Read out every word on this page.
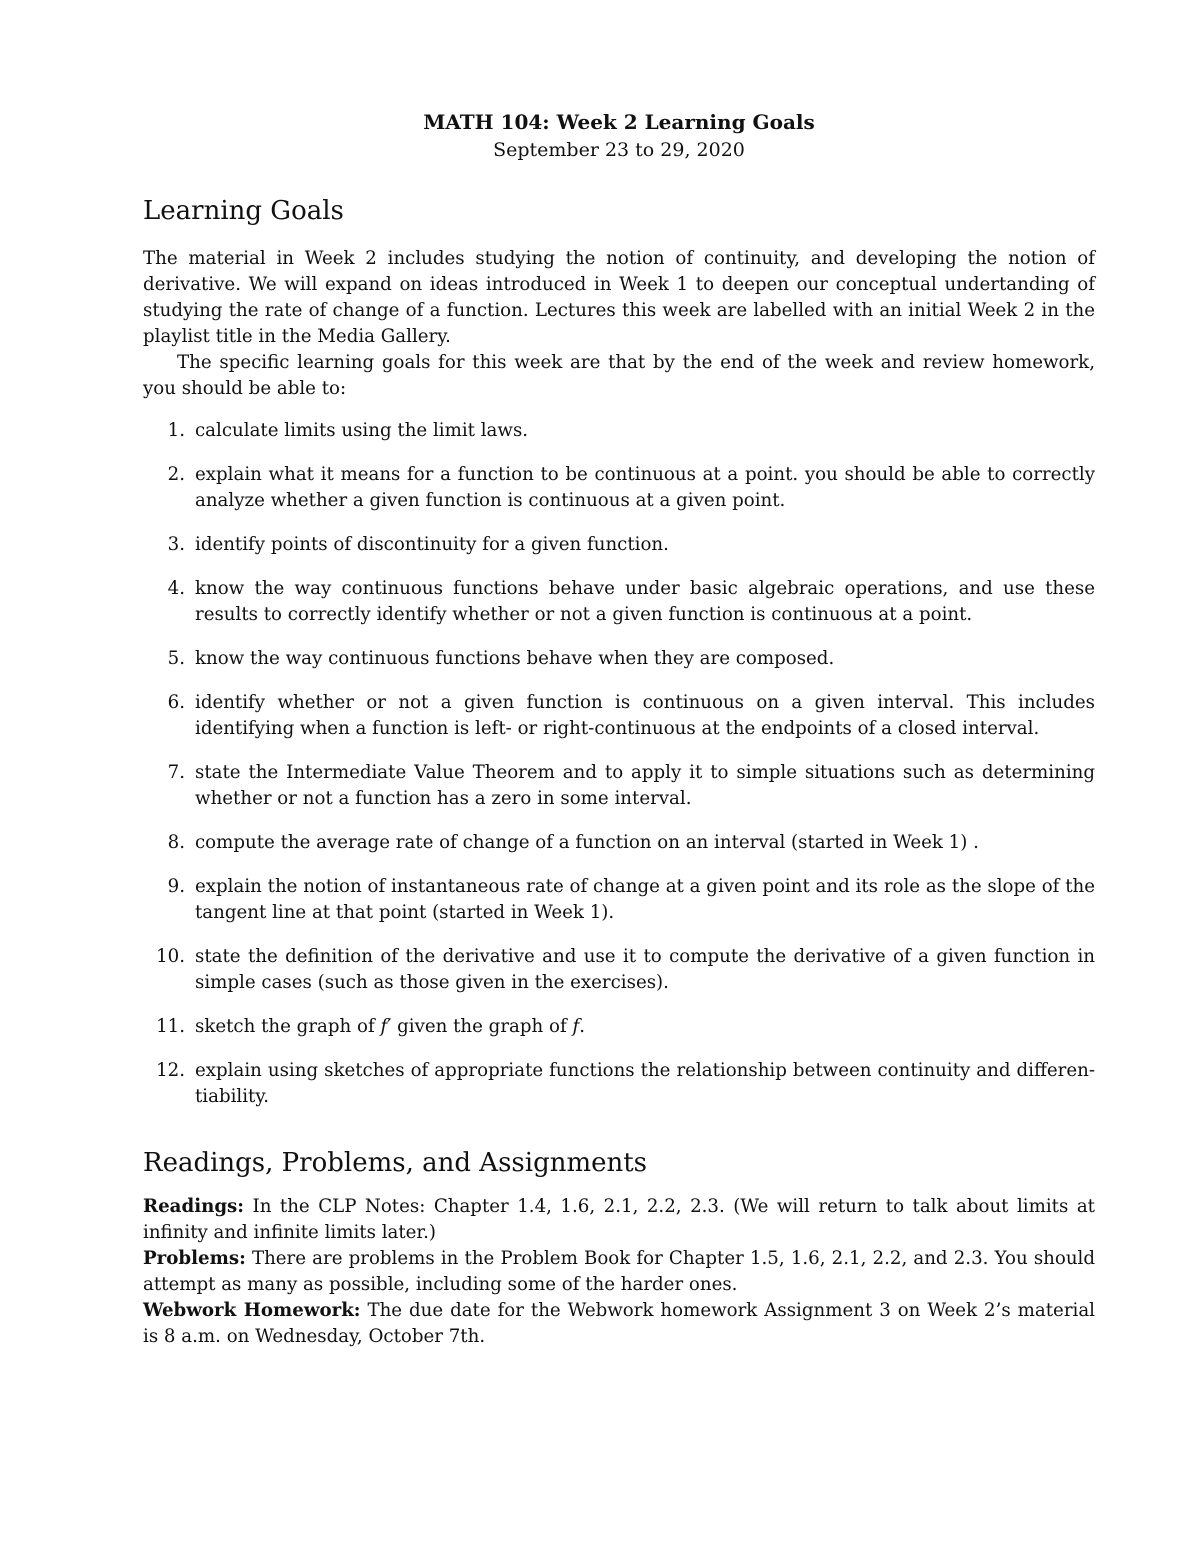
MATH 104: Week 2 Learning Goals

September 23 to 29, 2020

Learning Goals

The material in Week 2 includes studying the notion of continuity, and developing the notion of derivative. We will expand on ideas introduced in Week 1 to deepen our conceptual undertanding of studying the rate of change of a function. Lectures this week are labelled with an initial Week 2 in the playlist title in the Media Gallery.

The specific learning goals for this week are that by the end of the week and review homework, you should be able to:

1. calculate limits using the limit laws.
2. explain what it means for a function to be continuous at a point. you should be able to correctly analyze whether a given function is continuous at a given point.
3. identify points of discontinuity for a given function.
4. know the way continuous functions behave under basic algebraic operations, and use these results to correctly identify whether or not a given function is continuous at a point.
5. know the way continuous functions behave when they are composed.
6. identify whether or not a given function is continuous on a given interval. This includes identifying when a function is left- or right-continuous at the endpoints of a closed interval.
7. state the Intermediate Value Theorem and to apply it to simple situations such as determining whether or not a function has a zero in some interval.
8. compute the average rate of change of a function on an interval (started in Week 1) .
9. explain the notion of instantaneous rate of change at a given point and its role as the slope of the tangent line at that point (started in Week 1).
10. state the definition of the derivative and use it to compute the derivative of a given function in simple cases (such as those given in the exercises).
11. sketch the graph of f′ given the graph of f.
12. explain using sketches of appropriate functions the relationship between continuity and differen-tiability.
Readings, Problems, and Assignments

Readings: In the CLP Notes: Chapter 1.4, 1.6, 2.1, 2.2, 2.3. (We will return to talk about limits at infinity and infinite limits later.)

Problems: There are problems in the Problem Book for Chapter 1.5, 1.6, 2.1, 2.2, and 2.3. You should attempt as many as possible, including some of the harder ones.

Webwork Homework: The due date for the Webwork homework Assignment 3 on Week 2’s material is 8 a.m. on Wednesday, October 7th.
